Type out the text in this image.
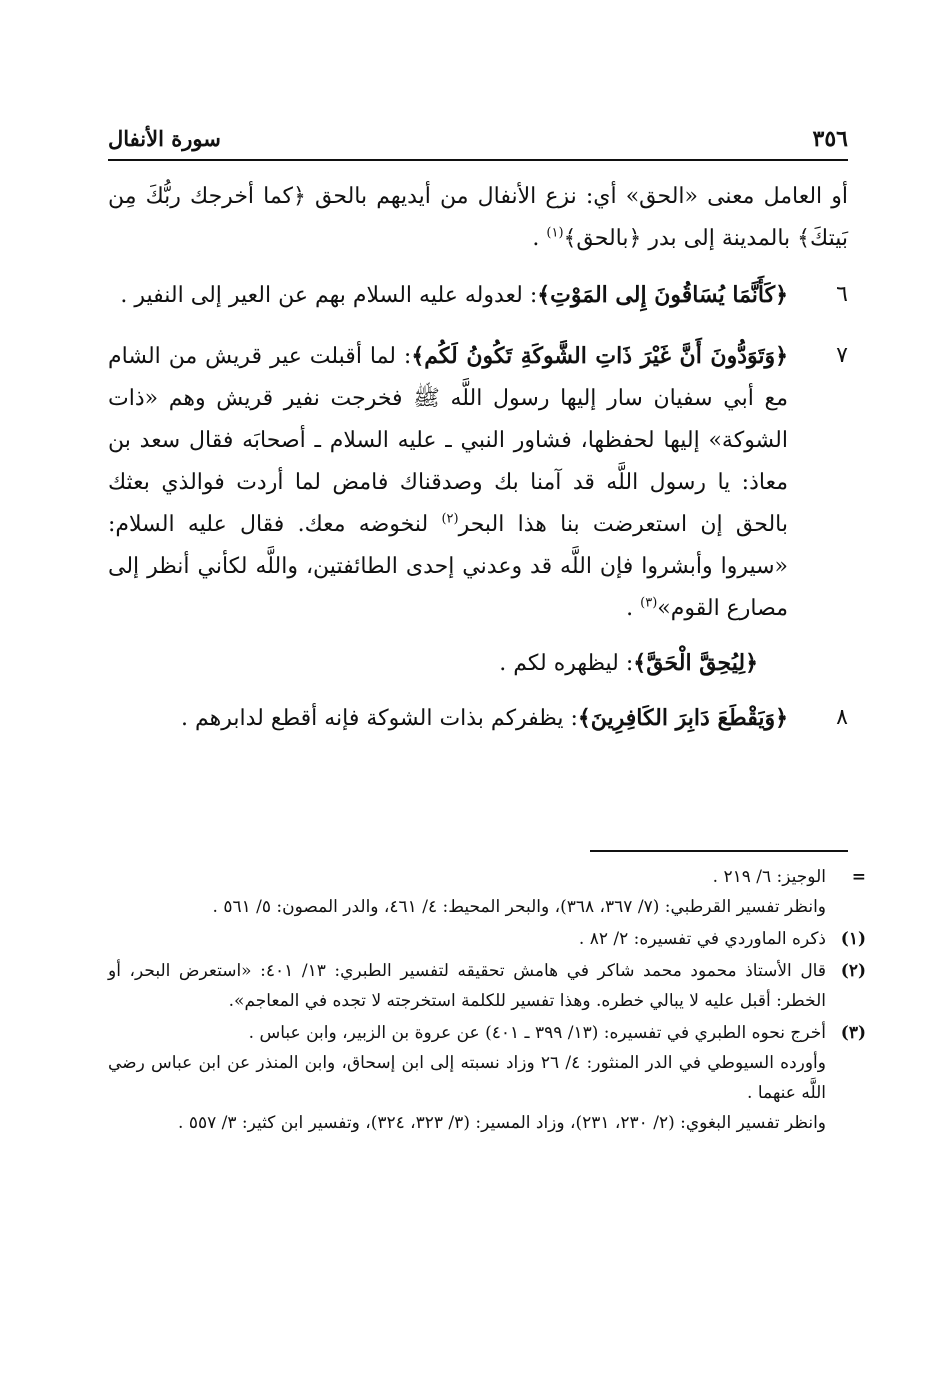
سورة الأنفال	٣٥٦

أو العامل معنى «الحق» أي: نزع الأنفال من أيديهم بالحق ﴿كما أخرجك ربُّكَ مِن بَيتكَ﴾ بالمدينة إلى بدر ﴿بالحق﴾$^{(١)}$ .

٦
﴿كَأَنَّمَا يُسَاقُونَ إِلى المَوْتِ﴾: لعدوله عليه السلام بهم عن العير إلى النفير .

٧
﴿وَتَوَدُّونَ أَنَّ غَيْرَ ذَاتِ الشَّوكَةِ تَكُونُ لَكُم﴾: لما أقبلت عير قريش من الشام مع أبي سفيان سار إليها رسول اللَّه ﷺ فخرجت نفير قريش وهم «ذات الشوكة» إليها لحفظها، فشاور النبي ـ عليه السلام ـ أصحابَه فقال سعد بن معاذ: يا رسول اللَّه قد آمنا بك وصدقناك فامض لما أردت فوالذي بعثك بالحق إن استعرضت بنا هذا البحر$^{(٢)}$ لنخوضه معك. فقال عليه السلام: «سيروا وأبشروا فإن اللَّه قد وعدني إحدى الطائفتين، واللَّه لكأني أنظر إلى مصارع القوم»$^{(٣)}$ .

﴿لِيُحِقَّ الْحَقَّ﴾: ليظهره لكم .

٨
﴿وَيَقْطَعَ دَابِرَ الكَافِرِينَ﴾: يظفركم بذات الشوكة فإنه أقطع لدابرهم .

=
الوجيز: ٦/ ٢١٩ .
وانظر تفسير القرطبي: (٧/ ٣٦٧، ٣٦٨)، والبحر المحيط: ٤/ ٤٦١، والدر المصون: ٥/ ٥٦١ .

(١)
ذكره الماوردي في تفسيره: ٢/ ٨٢ .

(٢)
قال الأستاذ محمود محمد شاكر في هامش تحقيقه لتفسير الطبري: ١٣/ ٤٠١: «استعرض البحر، أو الخطر: أقبل عليه لا يبالي خطره. وهذا تفسير للكلمة استخرجته لا تجده في المعاجم».

(٣)
أخرج نحوه الطبري في تفسيره: (١٣/ ٣٩٩ ـ ٤٠١) عن عروة بن الزبير، وابن عباس .
وأورده السيوطي في الدر المنثور: ٤/ ٢٦ وزاد نسبته إلى ابن إسحاق، وابن المنذر عن ابن عباس رضي اللَّه عنهما .
وانظر تفسير البغوي: (٢/ ٢٣٠، ٢٣١)، وزاد المسير: (٣/ ٣٢٣، ٣٢٤)، وتفسير ابن كثير: ٣/ ٥٥٧ .
